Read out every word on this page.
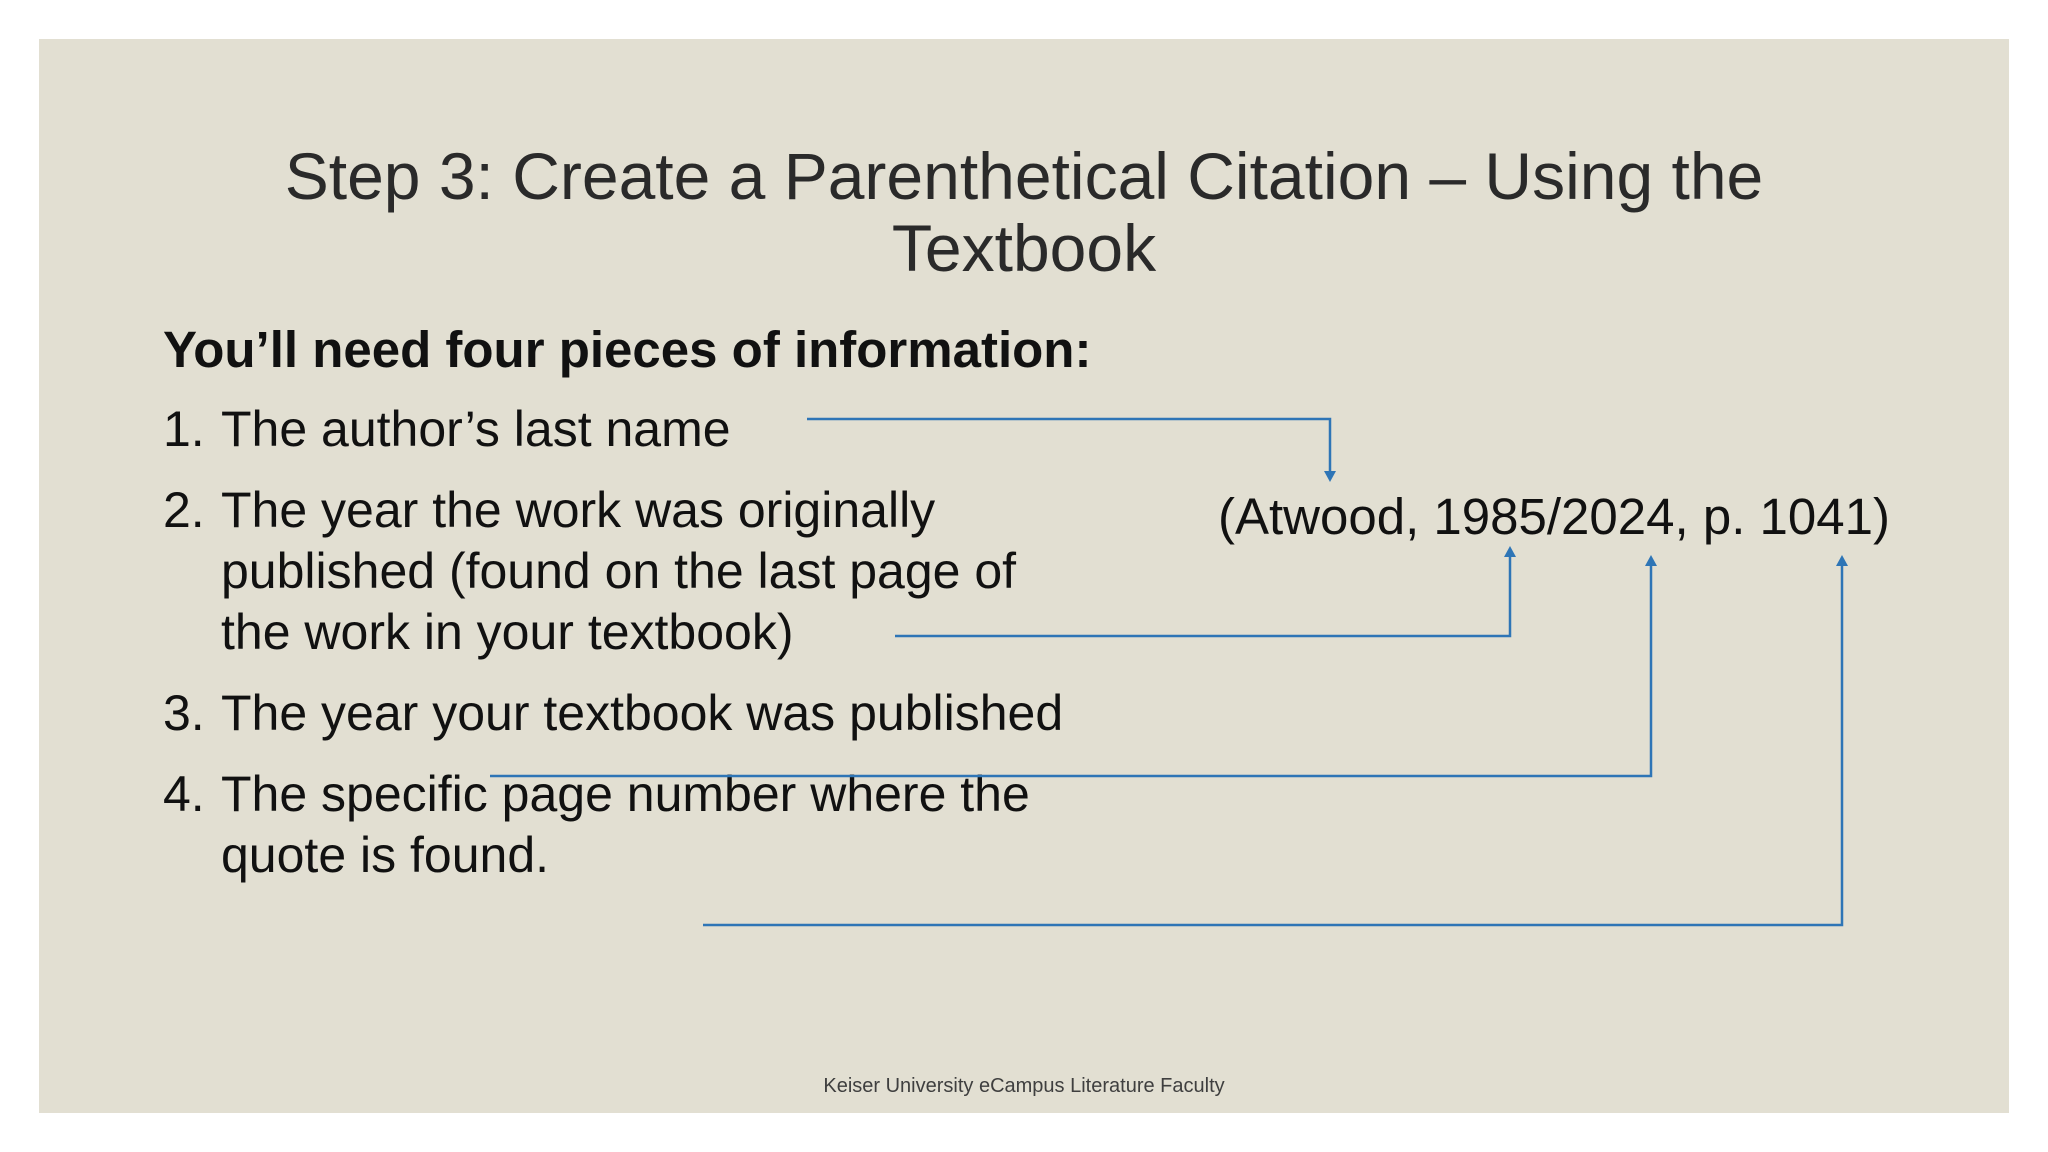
Step 3: Create a Parenthetical Citation – Using the Textbook

You’ll need four pieces of information:

1. The author’s last name
2. The year the work was originally published (found on the last page of the work in your textbook)
3. The year your textbook was published
4. The specific page number where the quote is found.

(Atwood, 1985/2024, p. 1041)

Keiser University eCampus Literature Faculty
